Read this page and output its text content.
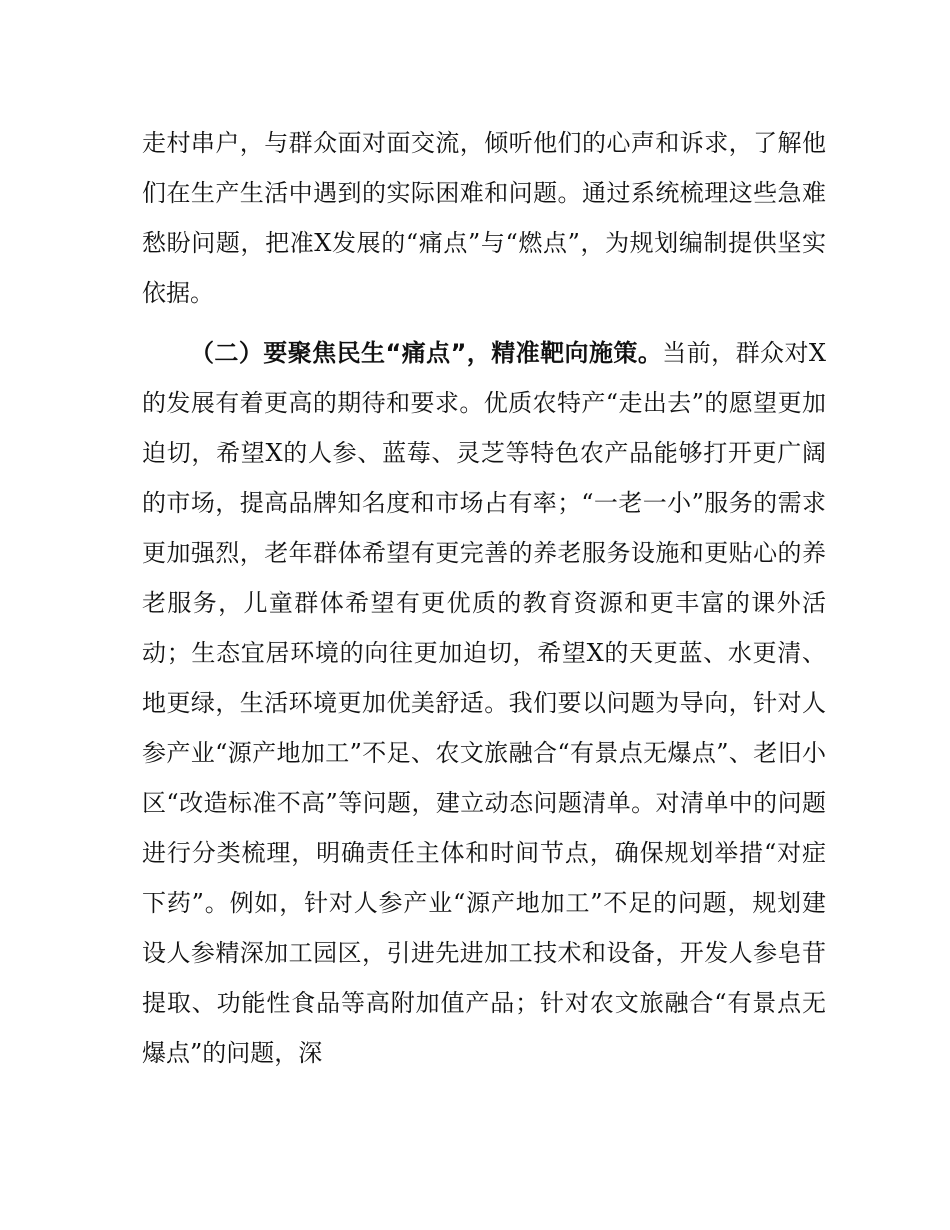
走村串户，与群众面对面交流，倾听他们的心声和诉求，了解他们在生产生活中遇到的实际困难和问题。通过系统梳理这些急难愁盼问题，把准X发展的“痛点”与“燃点”，为规划编制提供坚实依据。

（二）要聚焦民生“痛点”，精准靶向施策。当前，群众对X的发展有着更高的期待和要求。优质农特产“走出去”的愿望更加迫切，希望X的人参、蓝莓、灵芝等特色农产品能够打开更广阔的市场，提高品牌知名度和市场占有率；“一老一小”服务的需求更加强烈，老年群体希望有更完善的养老服务设施和更贴心的养老服务，儿童群体希望有更优质的教育资源和更丰富的课外活动；生态宜居环境的向往更加迫切，希望X的天更蓝、水更清、地更绿，生活环境更加优美舒适。我们要以问题为导向，针对人参产业“源产地加工”不足、农文旅融合“有景点无爆点”、老旧小区“改造标准不高”等问题，建立动态问题清单。对清单中的问题进行分类梳理，明确责任主体和时间节点，确保规划举措“对症下药”。例如，针对人参产业“源产地加工”不足的问题，规划建设人参精深加工园区，引进先进加工技术和设备，开发人参皂苷提取、功能性食品等高附加值产品；针对农文旅融合“有景点无爆点”的问题，深
